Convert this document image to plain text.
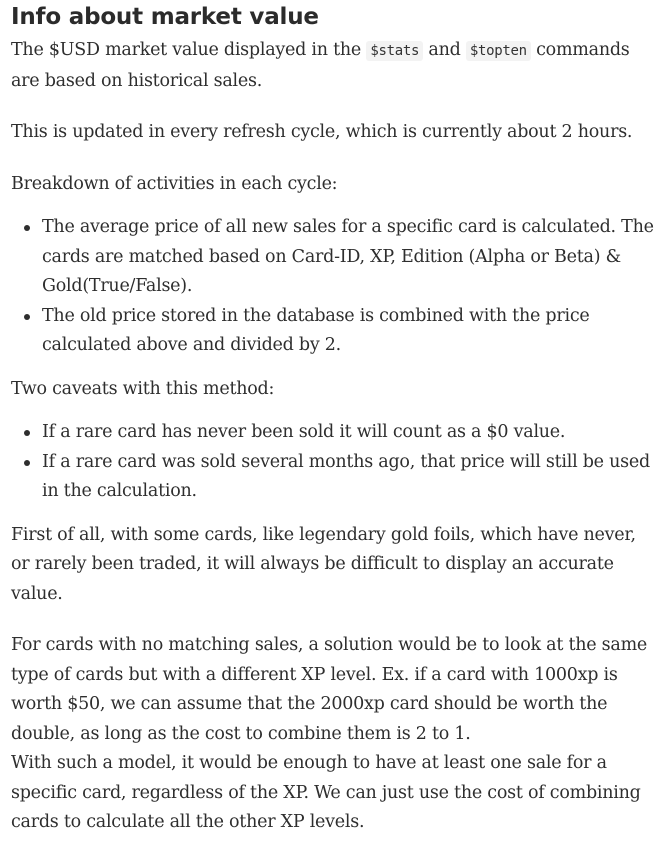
Info about market value

The $USD market value displayed in the $stats and $topten commands are based on historical sales.

This is updated in every refresh cycle, which is currently about 2 hours.

Breakdown of activities in each cycle:

The average price of all new sales for a specific card is calculated. The cards are matched based on Card-ID, XP, Edition (Alpha or Beta) & Gold(True/False).
The old price stored in the database is combined with the price calculated above and divided by 2.

Two caveats with this method:

If a rare card has never been sold it will count as a $0 value.
If a rare card was sold several months ago, that price will still be used in the calculation.

First of all, with some cards, like legendary gold foils, which have never, or rarely been traded, it will always be difficult to display an accurate value.

For cards with no matching sales, a solution would be to look at the same type of cards but with a different XP level. Ex. if a card with 1000xp is worth $50, we can assume that the 2000xp card should be worth the double, as long as the cost to combine them is 2 to 1.

With such a model, it would be enough to have at least one sale for a specific card, regardless of the XP. We can just use the cost of combining cards to calculate all the other XP levels.
